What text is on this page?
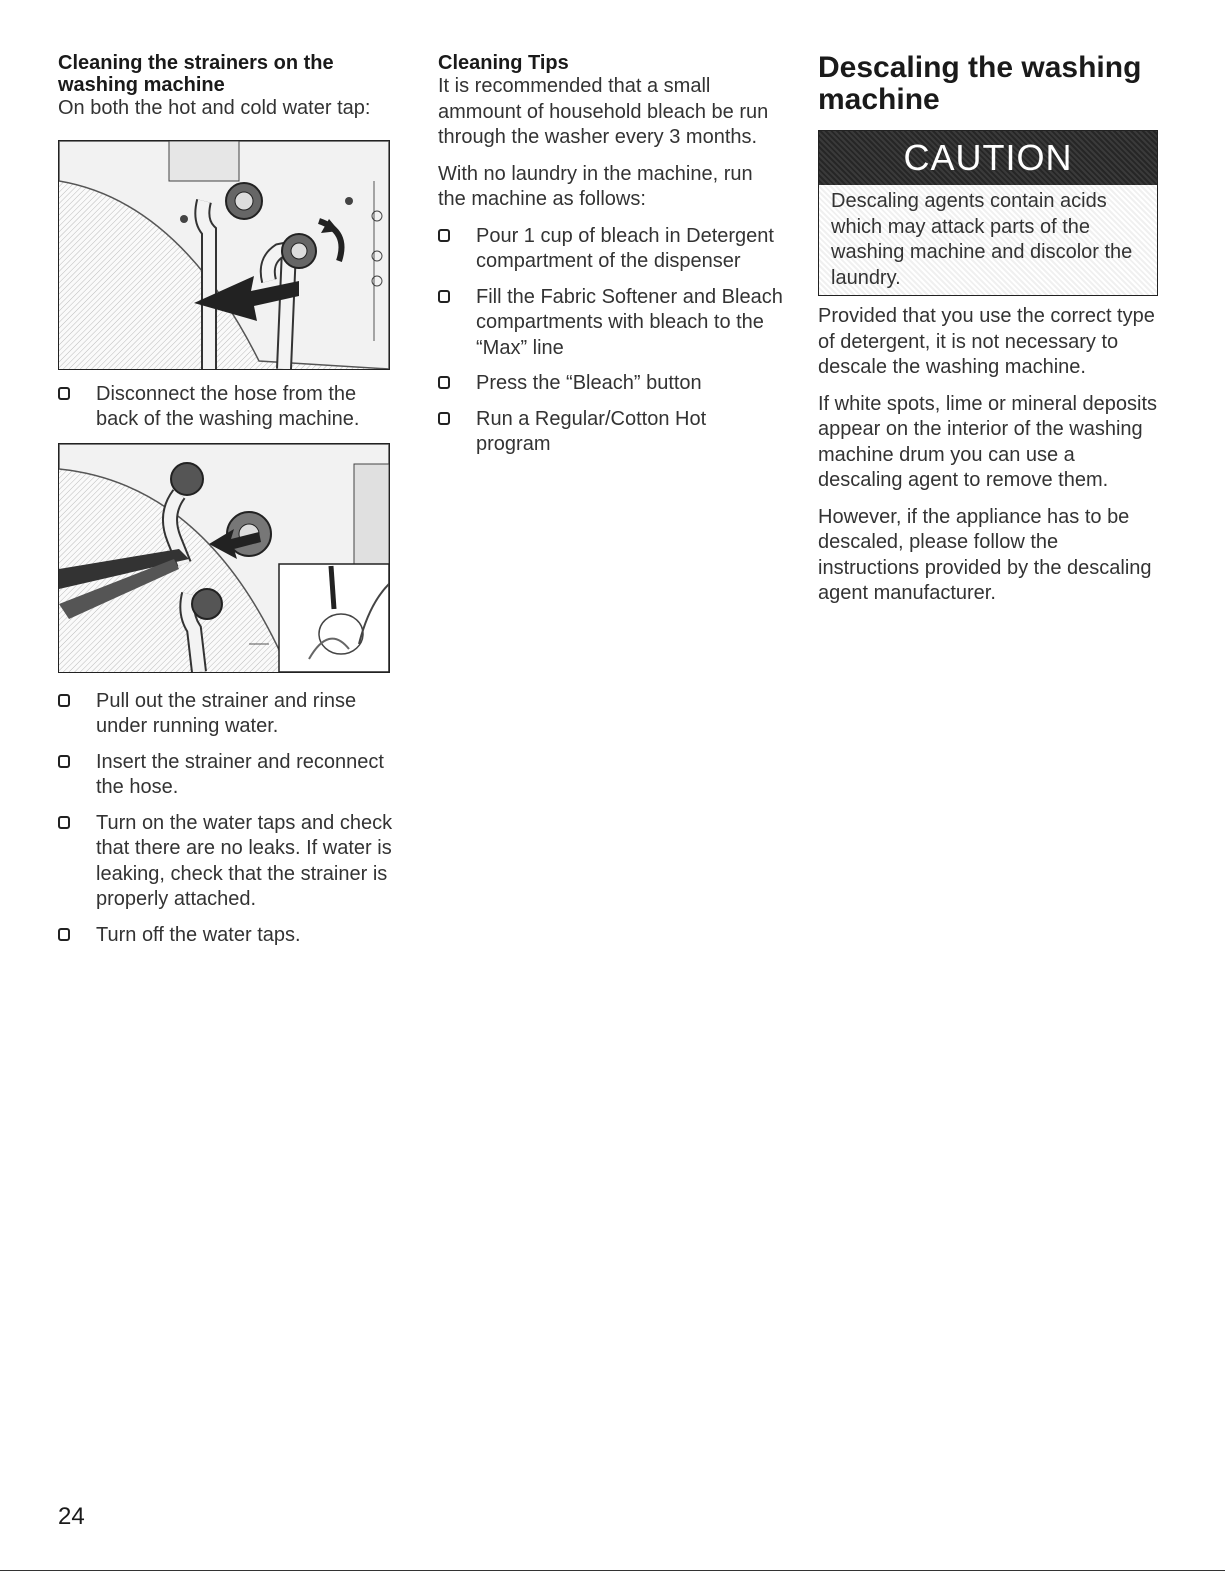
Cleaning the strainers on the washing machine
On both the hot and cold water tap:
Disconnect the hose from the back of the washing machine.
Pull out the strainer and rinse under running water.
Insert the strainer and reconnect the hose.
Turn on the water taps and check that there are no leaks. If water is leaking, check that the strainer is properly attached.
Turn off the water taps.
Cleaning Tips
It is recommended that a small ammount of household bleach be run through the washer every 3 months.
With no laundry in the machine, run the machine as follows:
Pour 1 cup of bleach in Detergent compartment of the dispenser
Fill the Fabric Softener and Bleach compartments with bleach to the “Max” line
Press the “Bleach” button
Run a Regular/Cotton Hot program
Descaling the washing machine
CAUTION
Descaling agents contain acids which may attack parts of the washing machine and discolor the laundry.
Provided that you use the correct type of detergent, it is not necessary to descale the washing machine.
If white spots, lime or mineral deposits appear on the interior of the washing machine drum you can use a descaling agent to remove them.
However, if the appliance has to be descaled, please follow the instructions provided by the descaling agent manufacturer.
24
